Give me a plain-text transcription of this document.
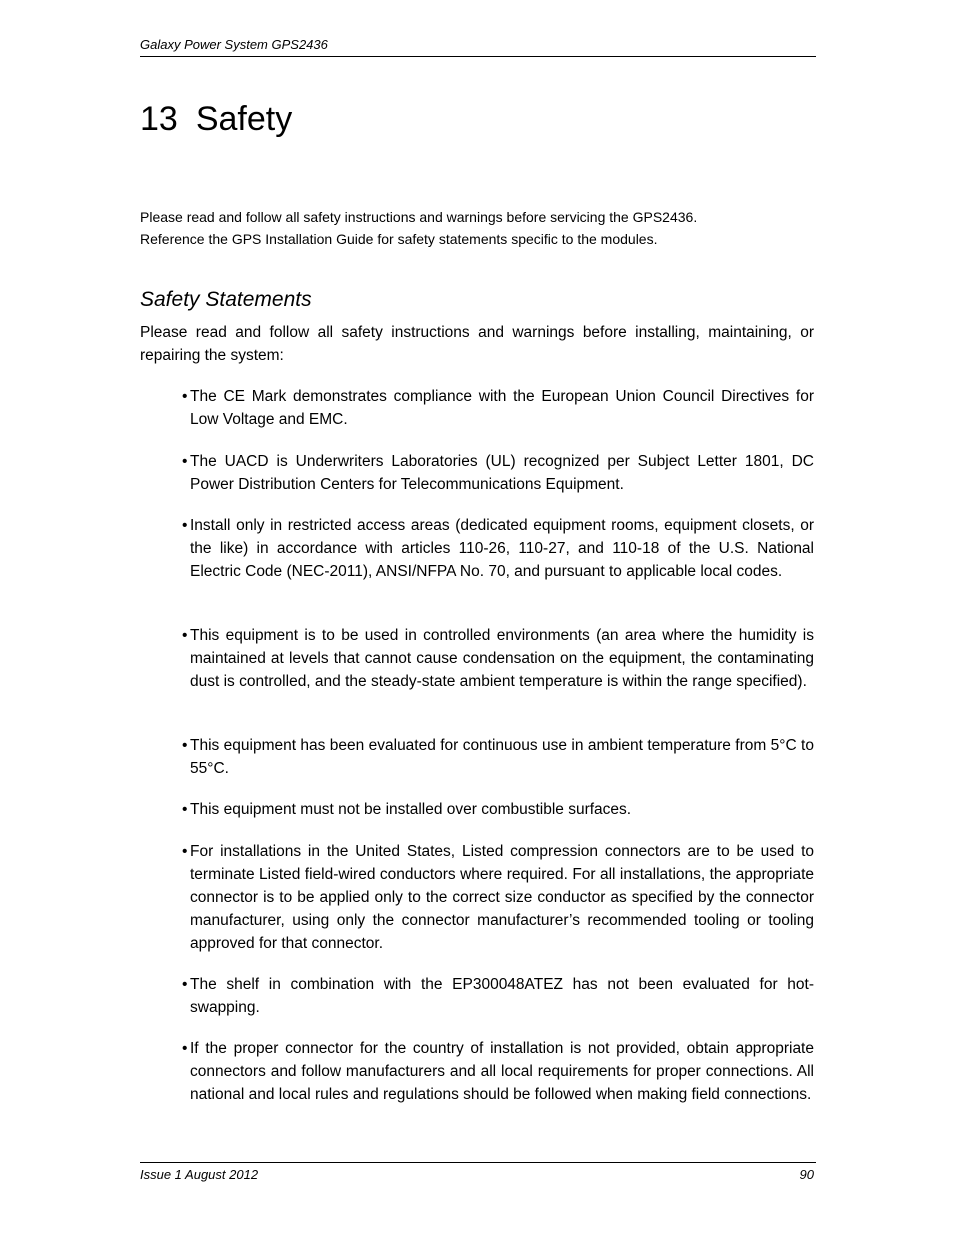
Galaxy Power System GPS2436
13 Safety
Please read and follow all safety instructions and warnings before servicing the GPS2436.
Reference the GPS Installation Guide for safety statements specific to the modules.
Safety Statements
Please read and follow all safety instructions and warnings before installing, maintaining, or repairing the system:
• The CE Mark demonstrates compliance with the European Union Council Directives for Low Voltage and EMC.
• The UACD is Underwriters Laboratories (UL) recognized per Subject Letter 1801, DC Power Distribution Centers for Telecommunications Equipment.
• Install only in restricted access areas (dedicated equipment rooms, equipment closets, or the like) in accordance with articles 110-26, 110-27, and 110-18 of the U.S. National Electric Code (NEC-2011), ANSI/NFPA No. 70, and pursuant to applicable local codes.
• This equipment is to be used in controlled environments (an area where the humidity is maintained at levels that cannot cause condensation on the equipment, the contaminating dust is controlled, and the steady-state ambient temperature is within the range specified).
• This equipment has been evaluated for continuous use in ambient temperature from 5°C to 55°C.
• This equipment must not be installed over combustible surfaces.
• For installations in the United States, Listed compression connectors are to be used to terminate Listed field-wired conductors where required. For all installations, the appropriate connector is to be applied only to the correct size conductor as specified by the connector manufacturer, using only the connector manufacturer’s recommended tooling or tooling approved for that connector.
• The shelf in combination with the EP300048ATEZ has not been evaluated for hot-swapping.
• If the proper connector for the country of installation is not provided, obtain appropriate connectors and follow manufacturers and all local requirements for proper connections. All national and local rules and regulations should be followed when making field connections.
Issue 1 August 2012	90
